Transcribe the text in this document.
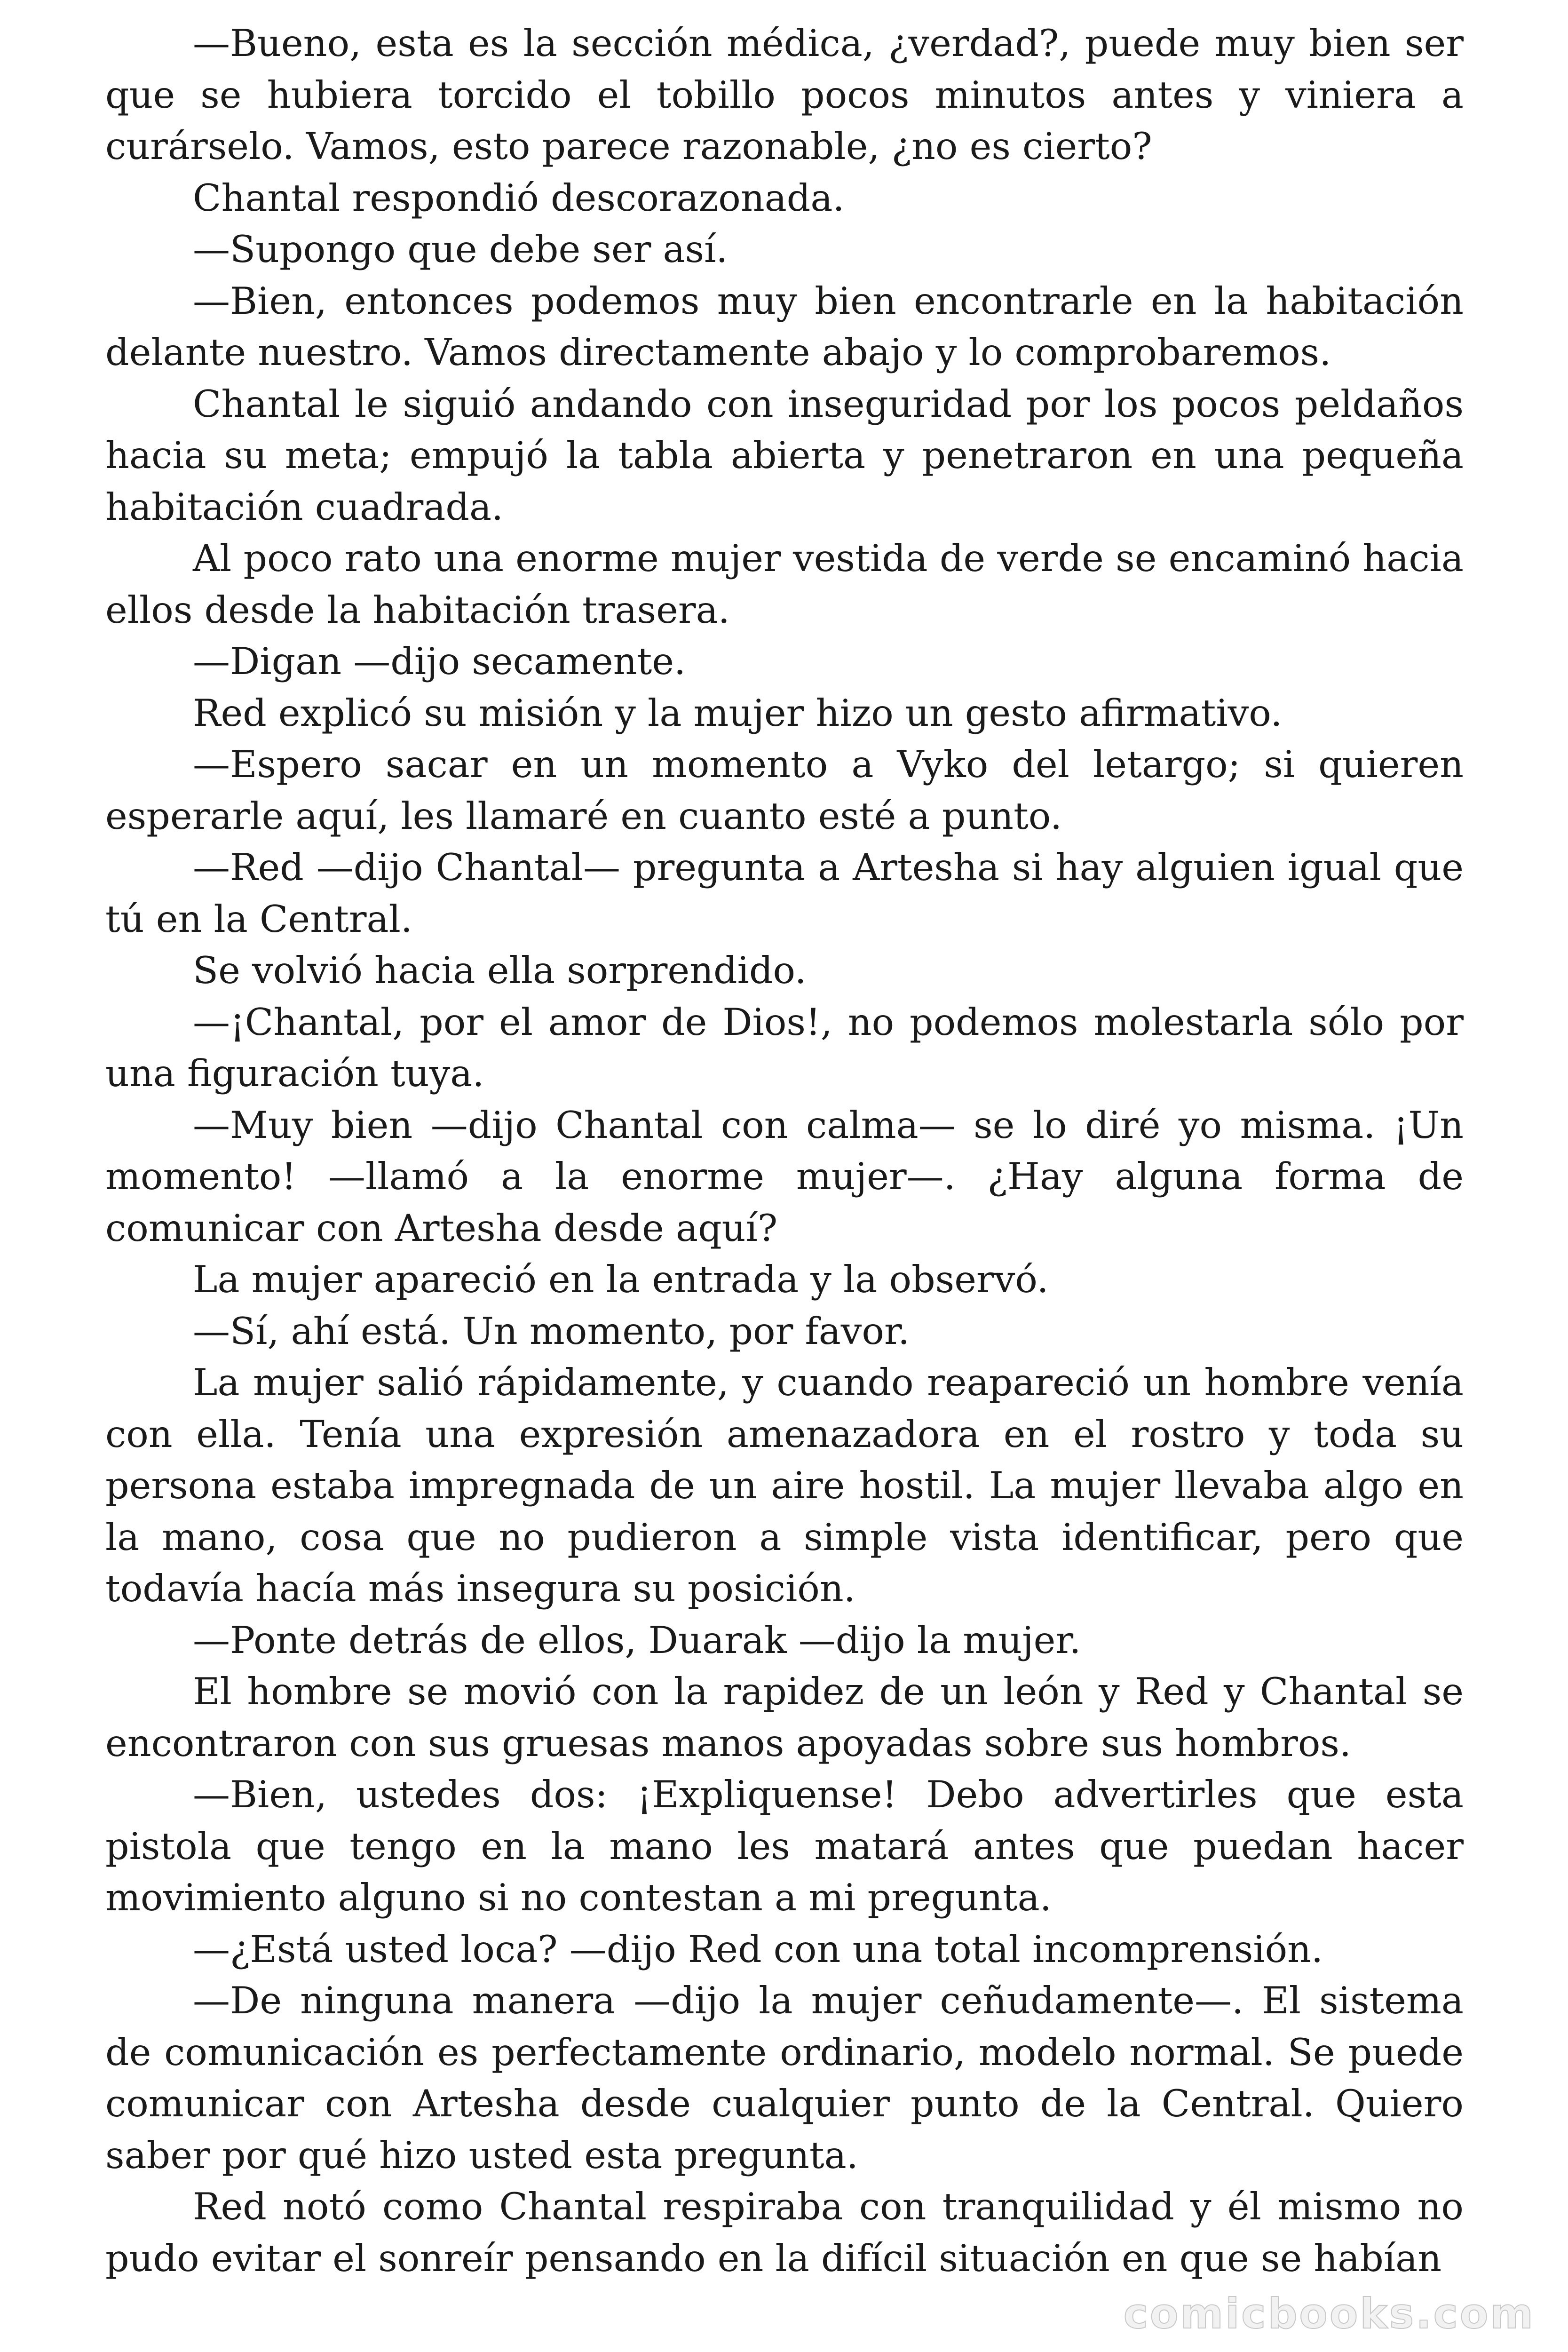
—Bueno, esta es la sección médica, ¿verdad?, puede muy bien ser que se hubiera torcido el tobillo pocos minutos antes y viniera a curárselo. Vamos, esto parece razonable, ¿no es cierto?

Chantal respondió descorazonada.

—Supongo que debe ser así.

—Bien, entonces podemos muy bien encontrarle en la habitación delante nuestro. Vamos directamente abajo y lo comprobaremos.

Chantal le siguió andando con inseguridad por los pocos peldaños hacia su meta; empujó la tabla abierta y penetraron en una pequeña habitación cuadrada.

Al poco rato una enorme mujer vestida de verde se encaminó hacia ellos desde la habitación trasera.

—Digan —dijo secamente.

Red explicó su misión y la mujer hizo un gesto afirmativo.

—Espero sacar en un momento a Vyko del letargo; si quieren esperarle aquí, les llamaré en cuanto esté a punto.

—Red —dijo Chantal— pregunta a Artesha si hay alguien igual que tú en la Central.

Se volvió hacia ella sorprendido.

—¡Chantal, por el amor de Dios!, no podemos molestarla sólo por una figuración tuya.

—Muy bien —dijo Chantal con calma— se lo diré yo misma. ¡Un momento! —llamó a la enorme mujer—. ¿Hay alguna forma de comunicar con Artesha desde aquí?

La mujer apareció en la entrada y la observó.

—Sí, ahí está. Un momento, por favor.

La mujer salió rápidamente, y cuando reapareció un hombre venía con ella. Tenía una expresión amenazadora en el rostro y toda su persona estaba impregnada de un aire hostil. La mujer llevaba algo en la mano, cosa que no pudieron a simple vista identificar, pero que todavía hacía más insegura su posición.

—Ponte detrás de ellos, Duarak —dijo la mujer.

El hombre se movió con la rapidez de un león y Red y Chantal se encontraron con sus gruesas manos apoyadas sobre sus hombros.

—Bien, ustedes dos: ¡Expliquense! Debo advertirles que esta pistola que tengo en la mano les matará antes que puedan hacer movimiento alguno si no contestan a mi pregunta.

—¿Está usted loca? —dijo Red con una total incomprensión.

—De ninguna manera —dijo la mujer ceñudamente—. El sistema de comunicación es perfectamente ordinario, modelo normal. Se puede comunicar con Artesha desde cualquier punto de la Central. Quiero saber por qué hizo usted esta pregunta.

Red notó como Chantal respiraba con tranquilidad y él mismo no pudo evitar el sonreír pensando en la difícil situación en que se habían

comicbooks.com
